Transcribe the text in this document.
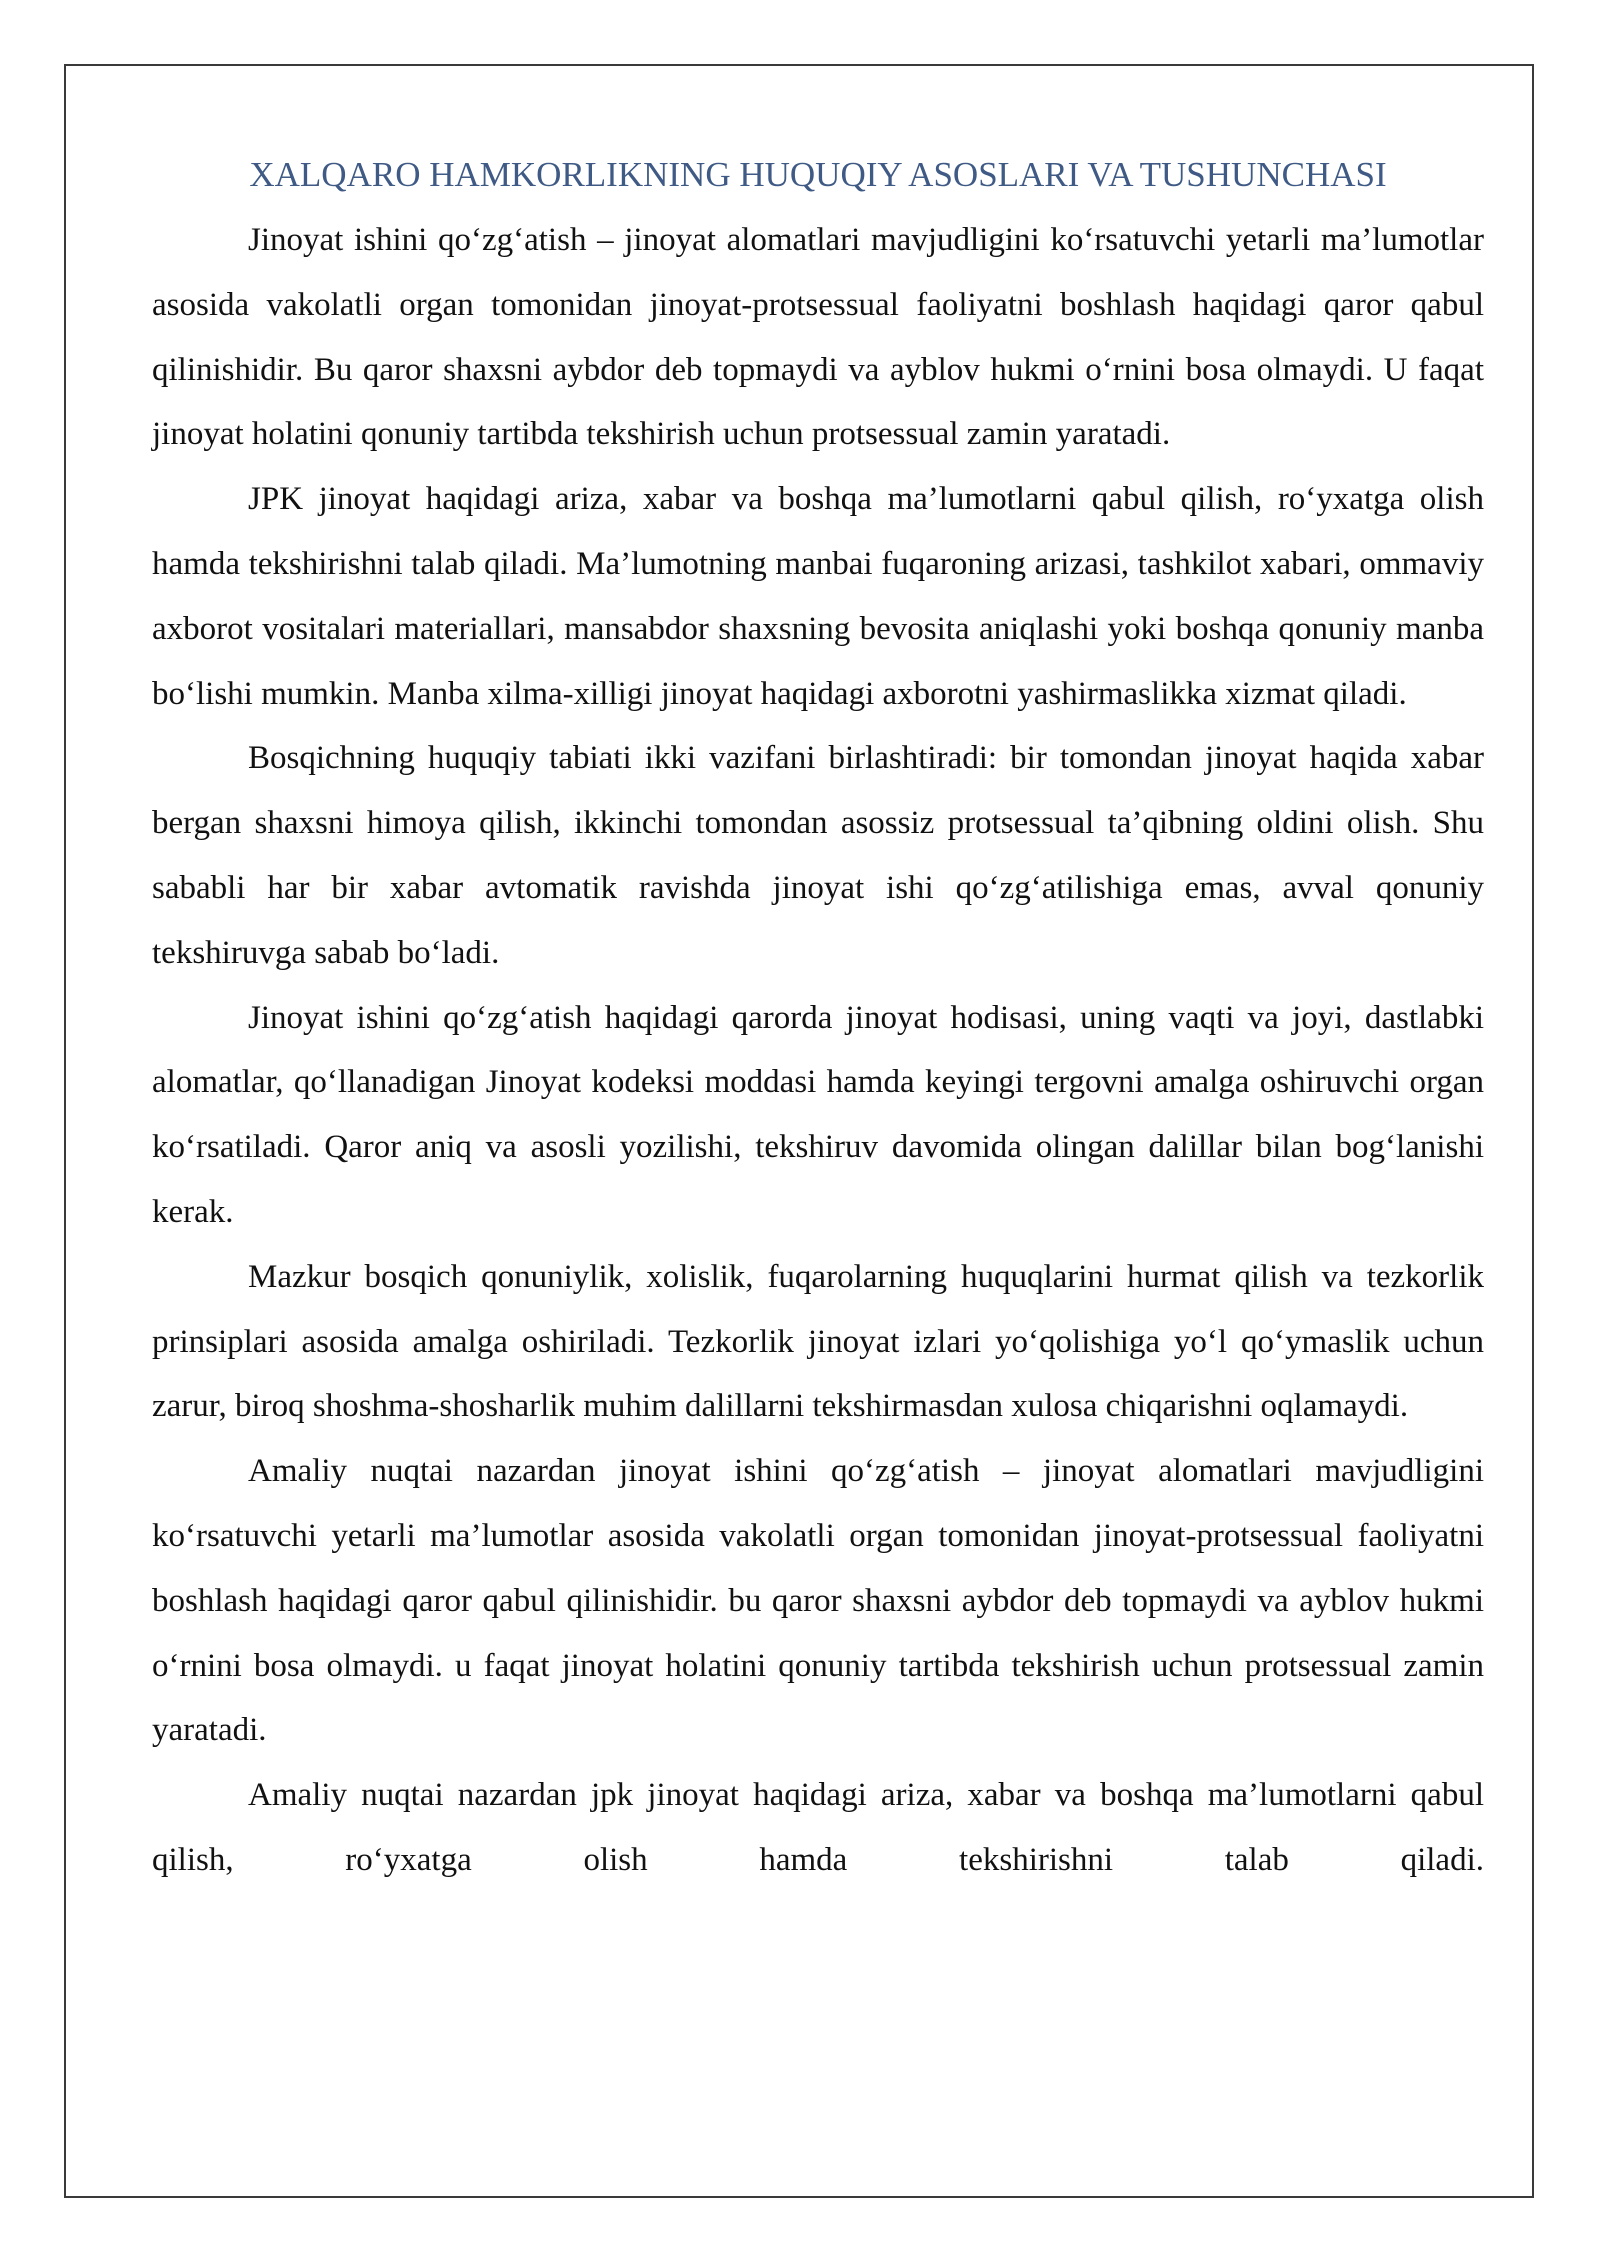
XALQARO HAMKORLIKNING HUQUQIY ASOSLARI VA TUSHUNCHASI

Jinoyat ishini qo‘zg‘atish – jinoyat alomatlari mavjudligini ko‘rsatuvchi yetarli ma’lumotlar asosida vakolatli organ tomonidan jinoyat-protsessual faoliyatni boshlash haqidagi qaror qabul qilinishidir. Bu qaror shaxsni aybdor deb topmaydi va ayblov hukmi o‘rnini bosa olmaydi. U faqat jinoyat holatini qonuniy tartibda tekshirish uchun protsessual zamin yaratadi.

JPK jinoyat haqidagi ariza, xabar va boshqa ma’lumotlarni qabul qilish, ro‘yxatga olish hamda tekshirishni talab qiladi. Ma’lumotning manbai fuqaroning arizasi, tashkilot xabari, ommaviy axborot vositalari materiallari, mansabdor shaxsning bevosita aniqlashi yoki boshqa qonuniy manba bo‘lishi mumkin. Manba xilma-xilligi jinoyat haqidagi axborotni yashirmaslikka xizmat qiladi.

Bosqichning huquqiy tabiati ikki vazifani birlashtiradi: bir tomondan jinoyat haqida xabar bergan shaxsni himoya qilish, ikkinchi tomondan asossiz protsessual ta’qibning oldini olish. Shu sababli har bir xabar avtomatik ravishda jinoyat ishi qo‘zg‘atilishiga emas, avval qonuniy tekshiruvga sabab bo‘ladi.

Jinoyat ishini qo‘zg‘atish haqidagi qarorda jinoyat hodisasi, uning vaqti va joyi, dastlabki alomatlar, qo‘llanadigan Jinoyat kodeksi moddasi hamda keyingi tergovni amalga oshiruvchi organ ko‘rsatiladi. Qaror aniq va asosli yozilishi, tekshiruv davomida olingan dalillar bilan bog‘lanishi kerak.

Mazkur bosqich qonuniylik, xolislik, fuqarolarning huquqlarini hurmat qilish va tezkorlik prinsiplari asosida amalga oshiriladi. Tezkorlik jinoyat izlari yo‘qolishiga yo‘l qo‘ymaslik uchun zarur, biroq shoshma-shosharlik muhim dalillarni tekshirmasdan xulosa chiqarishni oqlamaydi.

Amaliy nuqtai nazardan jinoyat ishini qo‘zg‘atish – jinoyat alomatlari mavjudligini ko‘rsatuvchi yetarli ma’lumotlar asosida vakolatli organ tomonidan jinoyat-protsessual faoliyatni boshlash haqidagi qaror qabul qilinishidir. bu qaror shaxsni aybdor deb topmaydi va ayblov hukmi o‘rnini bosa olmaydi. u faqat jinoyat holatini qonuniy tartibda tekshirish uchun protsessual zamin yaratadi.

Amaliy nuqtai nazardan jpk jinoyat haqidagi ariza, xabar va boshqa ma’lumotlarni qabul qilish, ro‘yxatga olish hamda tekshirishni talab qiladi.
